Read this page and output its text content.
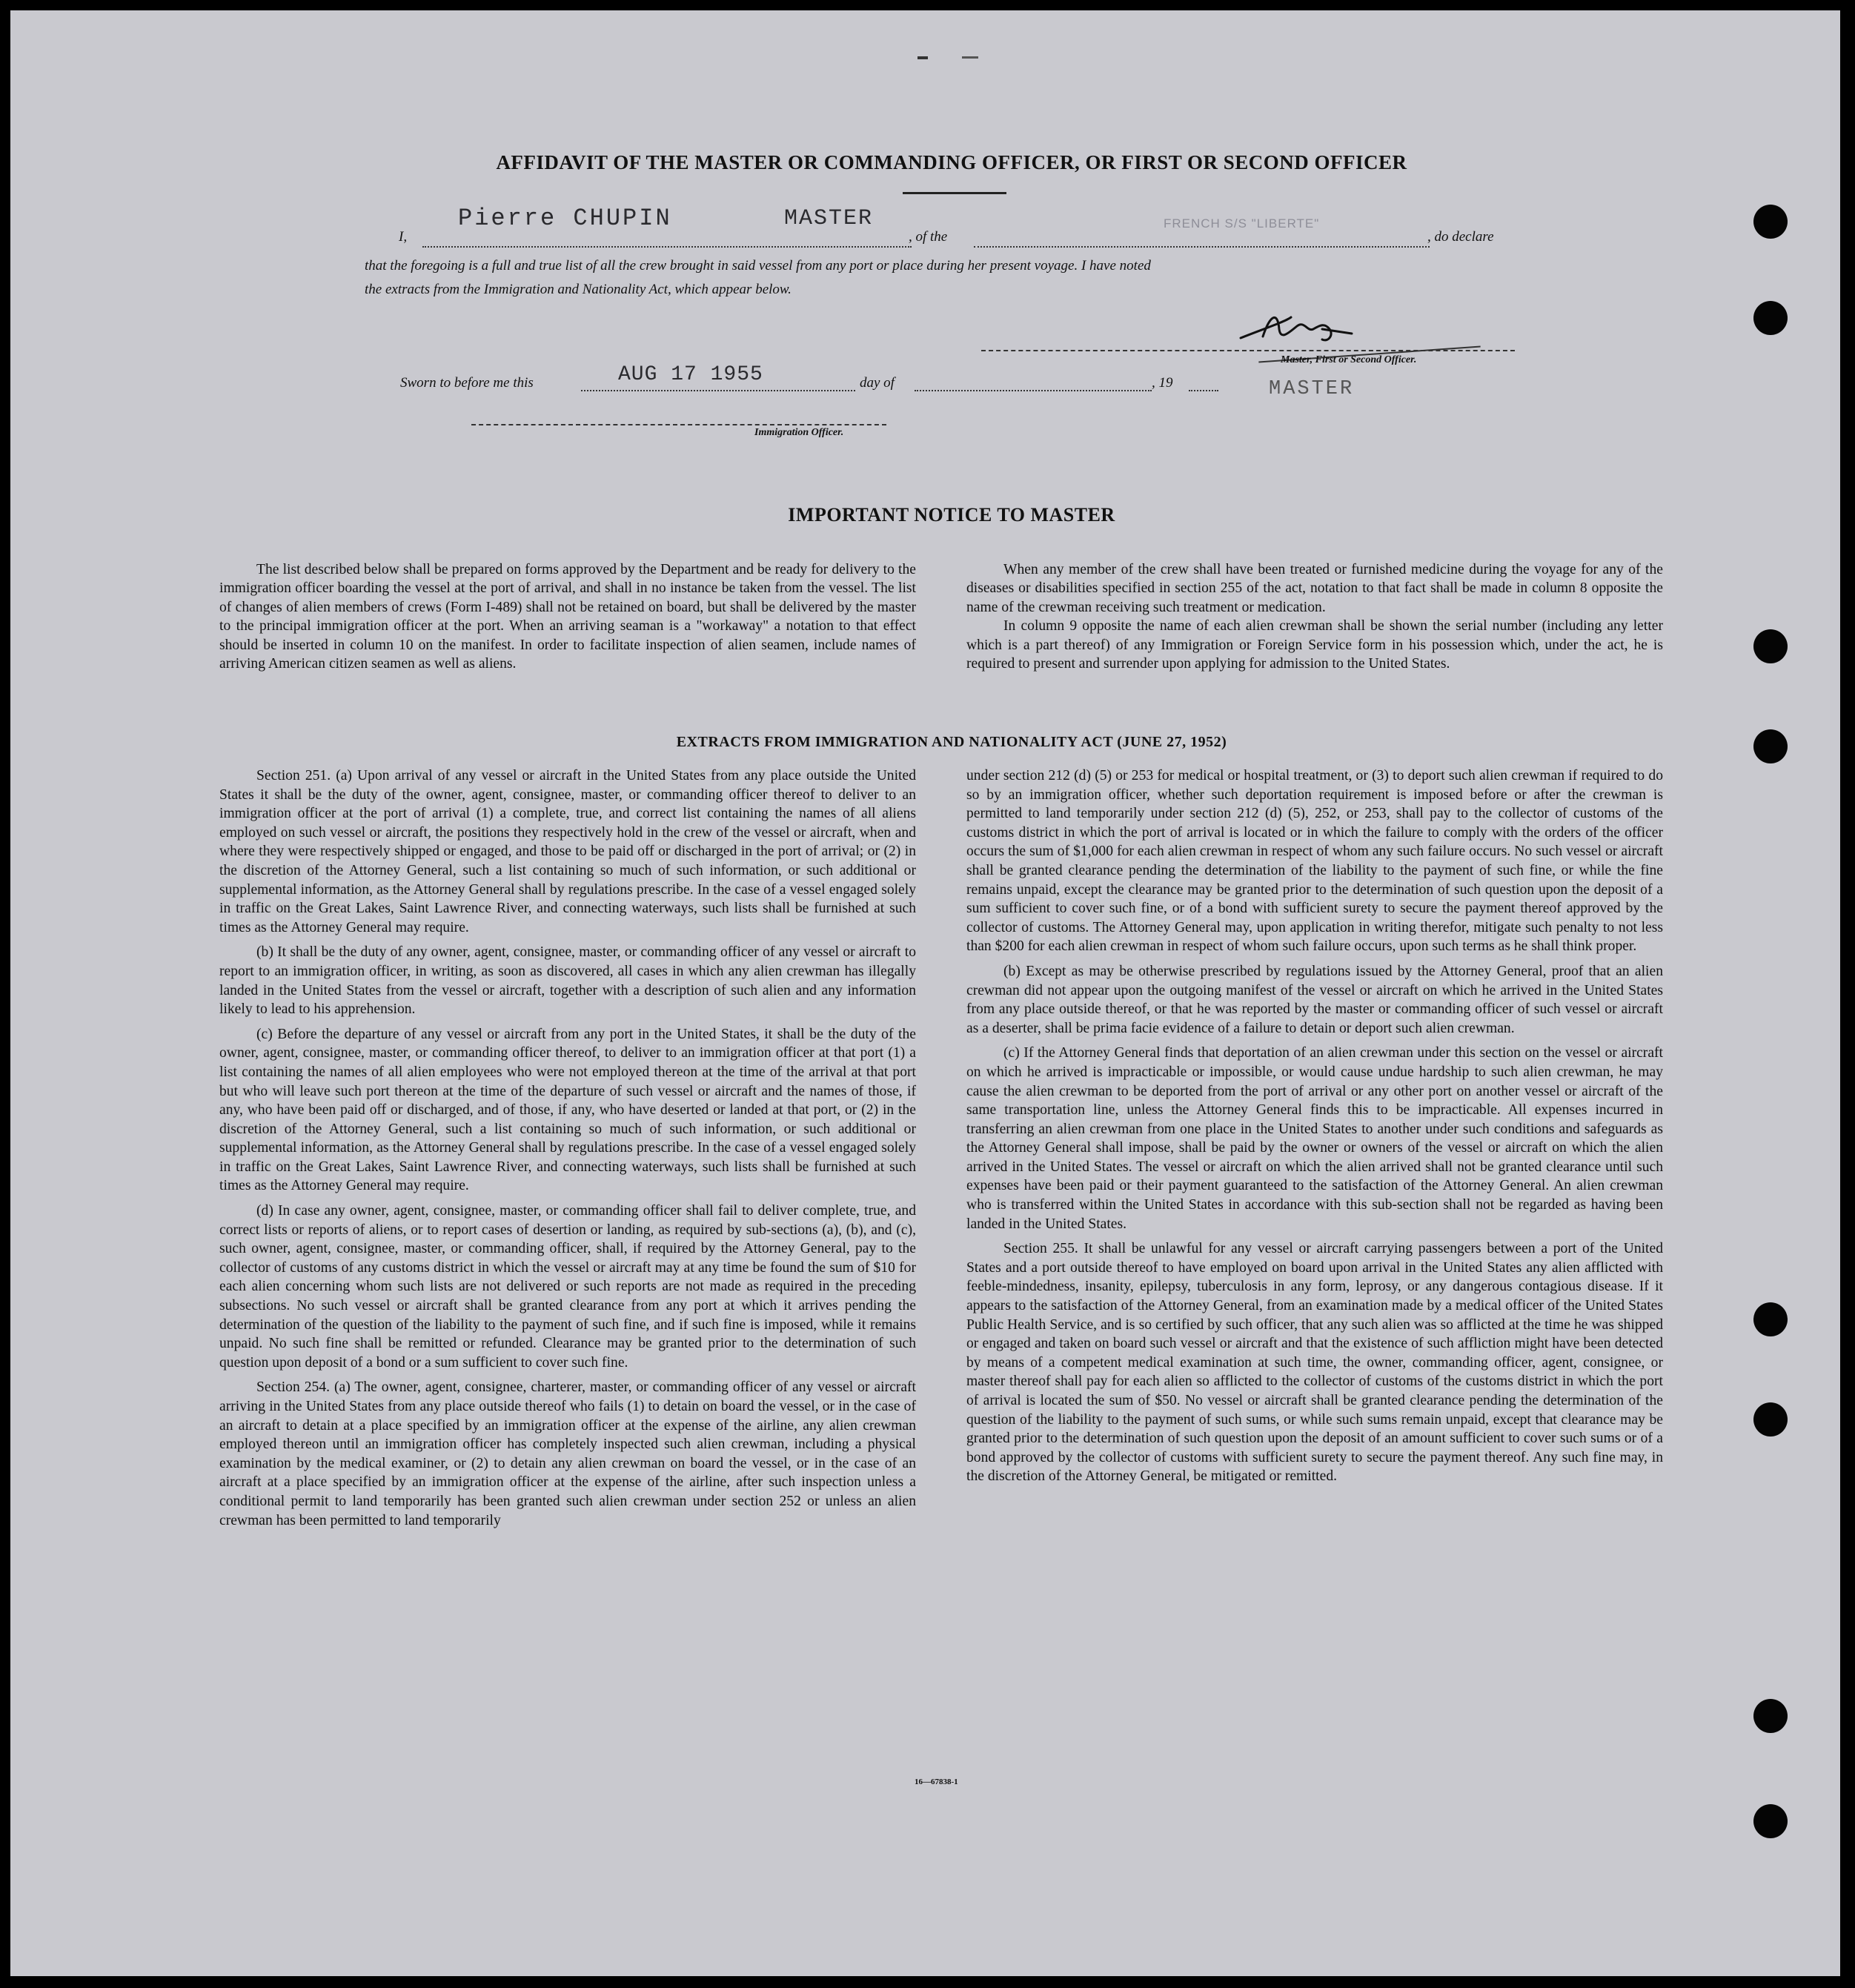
AFFIDAVIT OF THE MASTER OR COMMANDING OFFICER, OR FIRST OR SECOND OFFICER
I,
Pierre CHUPIN	MASTER
, of the
FRENCH S/S "LIBERTE"
, do declare
that the foregoing is a full and true list of all the crew brought in said vessel from any port or place during her present voyage. I have noted
the extracts from the Immigration and Nationality Act, which appear below.
Master, First or Second Officer.
MASTER
Sworn to before me this	AUG 17 1955	day of	, 19
Immigration Officer.
IMPORTANT NOTICE TO MASTER

The list described below shall be prepared on forms approved by the Department and be ready for delivery to the immigration officer boarding the vessel at the port of arrival, and shall in no instance be taken from the vessel. The list of changes of alien members of crews (Form I-489) shall not be retained on board, but shall be delivered by the master to the principal immigration officer at the port. When an arriving seaman is a "workaway" a notation to that effect should be inserted in column 10 on the manifest. In order to facilitate inspection of alien seamen, include names of arriving American citizen seamen as well as aliens.

When any member of the crew shall have been treated or furnished medicine during the voyage for any of the diseases or disabilities specified in section 255 of the act, notation to that fact shall be made in column 8 opposite the name of the crewman receiving such treatment or medication.

In column 9 opposite the name of each alien crewman shall be shown the serial number (including any letter which is a part thereof) of any Immigration or Foreign Service form in his possession which, under the act, he is required to present and surrender upon applying for admission to the United States.

EXTRACTS FROM IMMIGRATION AND NATIONALITY ACT (JUNE 27, 1952)

Section 251. (a) Upon arrival of any vessel or aircraft in the United States from any place outside the United States it shall be the duty of the owner, agent, consignee, master, or commanding officer thereof to deliver to an immigration officer at the port of arrival (1) a complete, true, and correct list containing the names of all aliens employed on such vessel or aircraft, the positions they respectively hold in the crew of the vessel or aircraft, when and where they were respectively shipped or engaged, and those to be paid off or discharged in the port of arrival; or (2) in the discretion of the Attorney General, such a list containing so much of such information, or such additional or supplemental information, as the Attorney General shall by regulations prescribe. In the case of a vessel engaged solely in traffic on the Great Lakes, Saint Lawrence River, and connecting waterways, such lists shall be furnished at such times as the Attorney General may require.

(b) It shall be the duty of any owner, agent, consignee, master, or commanding officer of any vessel or aircraft to report to an immigration officer, in writing, as soon as discovered, all cases in which any alien crewman has illegally landed in the United States from the vessel or aircraft, together with a description of such alien and any information likely to lead to his apprehension.

(c) Before the departure of any vessel or aircraft from any port in the United States, it shall be the duty of the owner, agent, consignee, master, or commanding officer thereof, to deliver to an immigration officer at that port (1) a list containing the names of all alien employees who were not employed thereon at the time of the arrival at that port but who will leave such port thereon at the time of the departure of such vessel or aircraft and the names of those, if any, who have been paid off or discharged, and of those, if any, who have deserted or landed at that port, or (2) in the discretion of the Attorney General, such a list containing so much of such information, or such additional or supplemental information, as the Attorney General shall by regulations prescribe. In the case of a vessel engaged solely in traffic on the Great Lakes, Saint Lawrence River, and connecting waterways, such lists shall be furnished at such times as the Attorney General may require.

(d) In case any owner, agent, consignee, master, or commanding officer shall fail to deliver complete, true, and correct lists or reports of aliens, or to report cases of desertion or landing, as required by sub-sections (a), (b), and (c), such owner, agent, consignee, master, or commanding officer, shall, if required by the Attorney General, pay to the collector of customs of any customs district in which the vessel or aircraft may at any time be found the sum of $10 for each alien concerning whom such lists are not delivered or such reports are not made as required in the preceding subsections. No such vessel or aircraft shall be granted clearance from any port at which it arrives pending the determination of the question of the liability to the payment of such fine, and if such fine is imposed, while it remains unpaid. No such fine shall be remitted or refunded. Clearance may be granted prior to the determination of such question upon deposit of a bond or a sum sufficient to cover such fine.

Section 254. (a) The owner, agent, consignee, charterer, master, or commanding officer of any vessel or aircraft arriving in the United States from any place outside thereof who fails (1) to detain on board the vessel, or in the case of an aircraft to detain at a place specified by an immigration officer at the expense of the airline, any alien crewman employed thereon until an immigration officer has completely inspected such alien crewman, including a physical examination by the medical examiner, or (2) to detain any alien crewman on board the vessel, or in the case of an aircraft at a place specified by an immigration officer at the expense of the airline, after such inspection unless a conditional permit to land temporarily has been granted such alien crewman under section 252 or unless an alien crewman has been permitted to land temporarily

under section 212 (d) (5) or 253 for medical or hospital treatment, or (3) to deport such alien crewman if required to do so by an immigration officer, whether such deportation requirement is imposed before or after the crewman is permitted to land temporarily under section 212 (d) (5), 252, or 253, shall pay to the collector of customs of the customs district in which the port of arrival is located or in which the failure to comply with the orders of the officer occurs the sum of $1,000 for each alien crewman in respect of whom any such failure occurs. No such vessel or aircraft shall be granted clearance pending the determination of the liability to the payment of such fine, or while the fine remains unpaid, except the clearance may be granted prior to the determination of such question upon the deposit of a sum sufficient to cover such fine, or of a bond with sufficient surety to secure the payment thereof approved by the collector of customs. The Attorney General may, upon application in writing therefor, mitigate such penalty to not less than $200 for each alien crewman in respect of whom such failure occurs, upon such terms as he shall think proper.

(b) Except as may be otherwise prescribed by regulations issued by the Attorney General, proof that an alien crewman did not appear upon the outgoing manifest of the vessel or aircraft on which he arrived in the United States from any place outside thereof, or that he was reported by the master or commanding officer of such vessel or aircraft as a deserter, shall be prima facie evidence of a failure to detain or deport such alien crewman.

(c) If the Attorney General finds that deportation of an alien crewman under this section on the vessel or aircraft on which he arrived is impracticable or impossible, or would cause undue hardship to such alien crewman, he may cause the alien crewman to be deported from the port of arrival or any other port on another vessel or aircraft of the same transportation line, unless the Attorney General finds this to be impracticable. All expenses incurred in transferring an alien crewman from one place in the United States to another under such conditions and safeguards as the Attorney General shall impose, shall be paid by the owner or owners of the vessel or aircraft on which the alien arrived in the United States. The vessel or aircraft on which the alien arrived shall not be granted clearance until such expenses have been paid or their payment guaranteed to the satisfaction of the Attorney General. An alien crewman who is transferred within the United States in accordance with this sub-section shall not be regarded as having been landed in the United States.

Section 255. It shall be unlawful for any vessel or aircraft carrying passengers between a port of the United States and a port outside thereof to have employed on board upon arrival in the United States any alien afflicted with feeble-mindedness, insanity, epilepsy, tuberculosis in any form, leprosy, or any dangerous contagious disease. If it appears to the satisfaction of the Attorney General, from an examination made by a medical officer of the United States Public Health Service, and is so certified by such officer, that any such alien was so afflicted at the time he was shipped or engaged and taken on board such vessel or aircraft and that the existence of such affliction might have been detected by means of a competent medical examination at such time, the owner, commanding officer, agent, consignee, or master thereof shall pay for each alien so afflicted to the collector of customs of the customs district in which the port of arrival is located the sum of $50. No vessel or aircraft shall be granted clearance pending the determination of the question of the liability to the payment of such sums, or while such sums remain unpaid, except that clearance may be granted prior to the determination of such question upon the deposit of an amount sufficient to cover such sums or of a bond approved by the collector of customs with sufficient surety to secure the payment thereof. Any such fine may, in the discretion of the Attorney General, be mitigated or remitted.

16—67838-1
